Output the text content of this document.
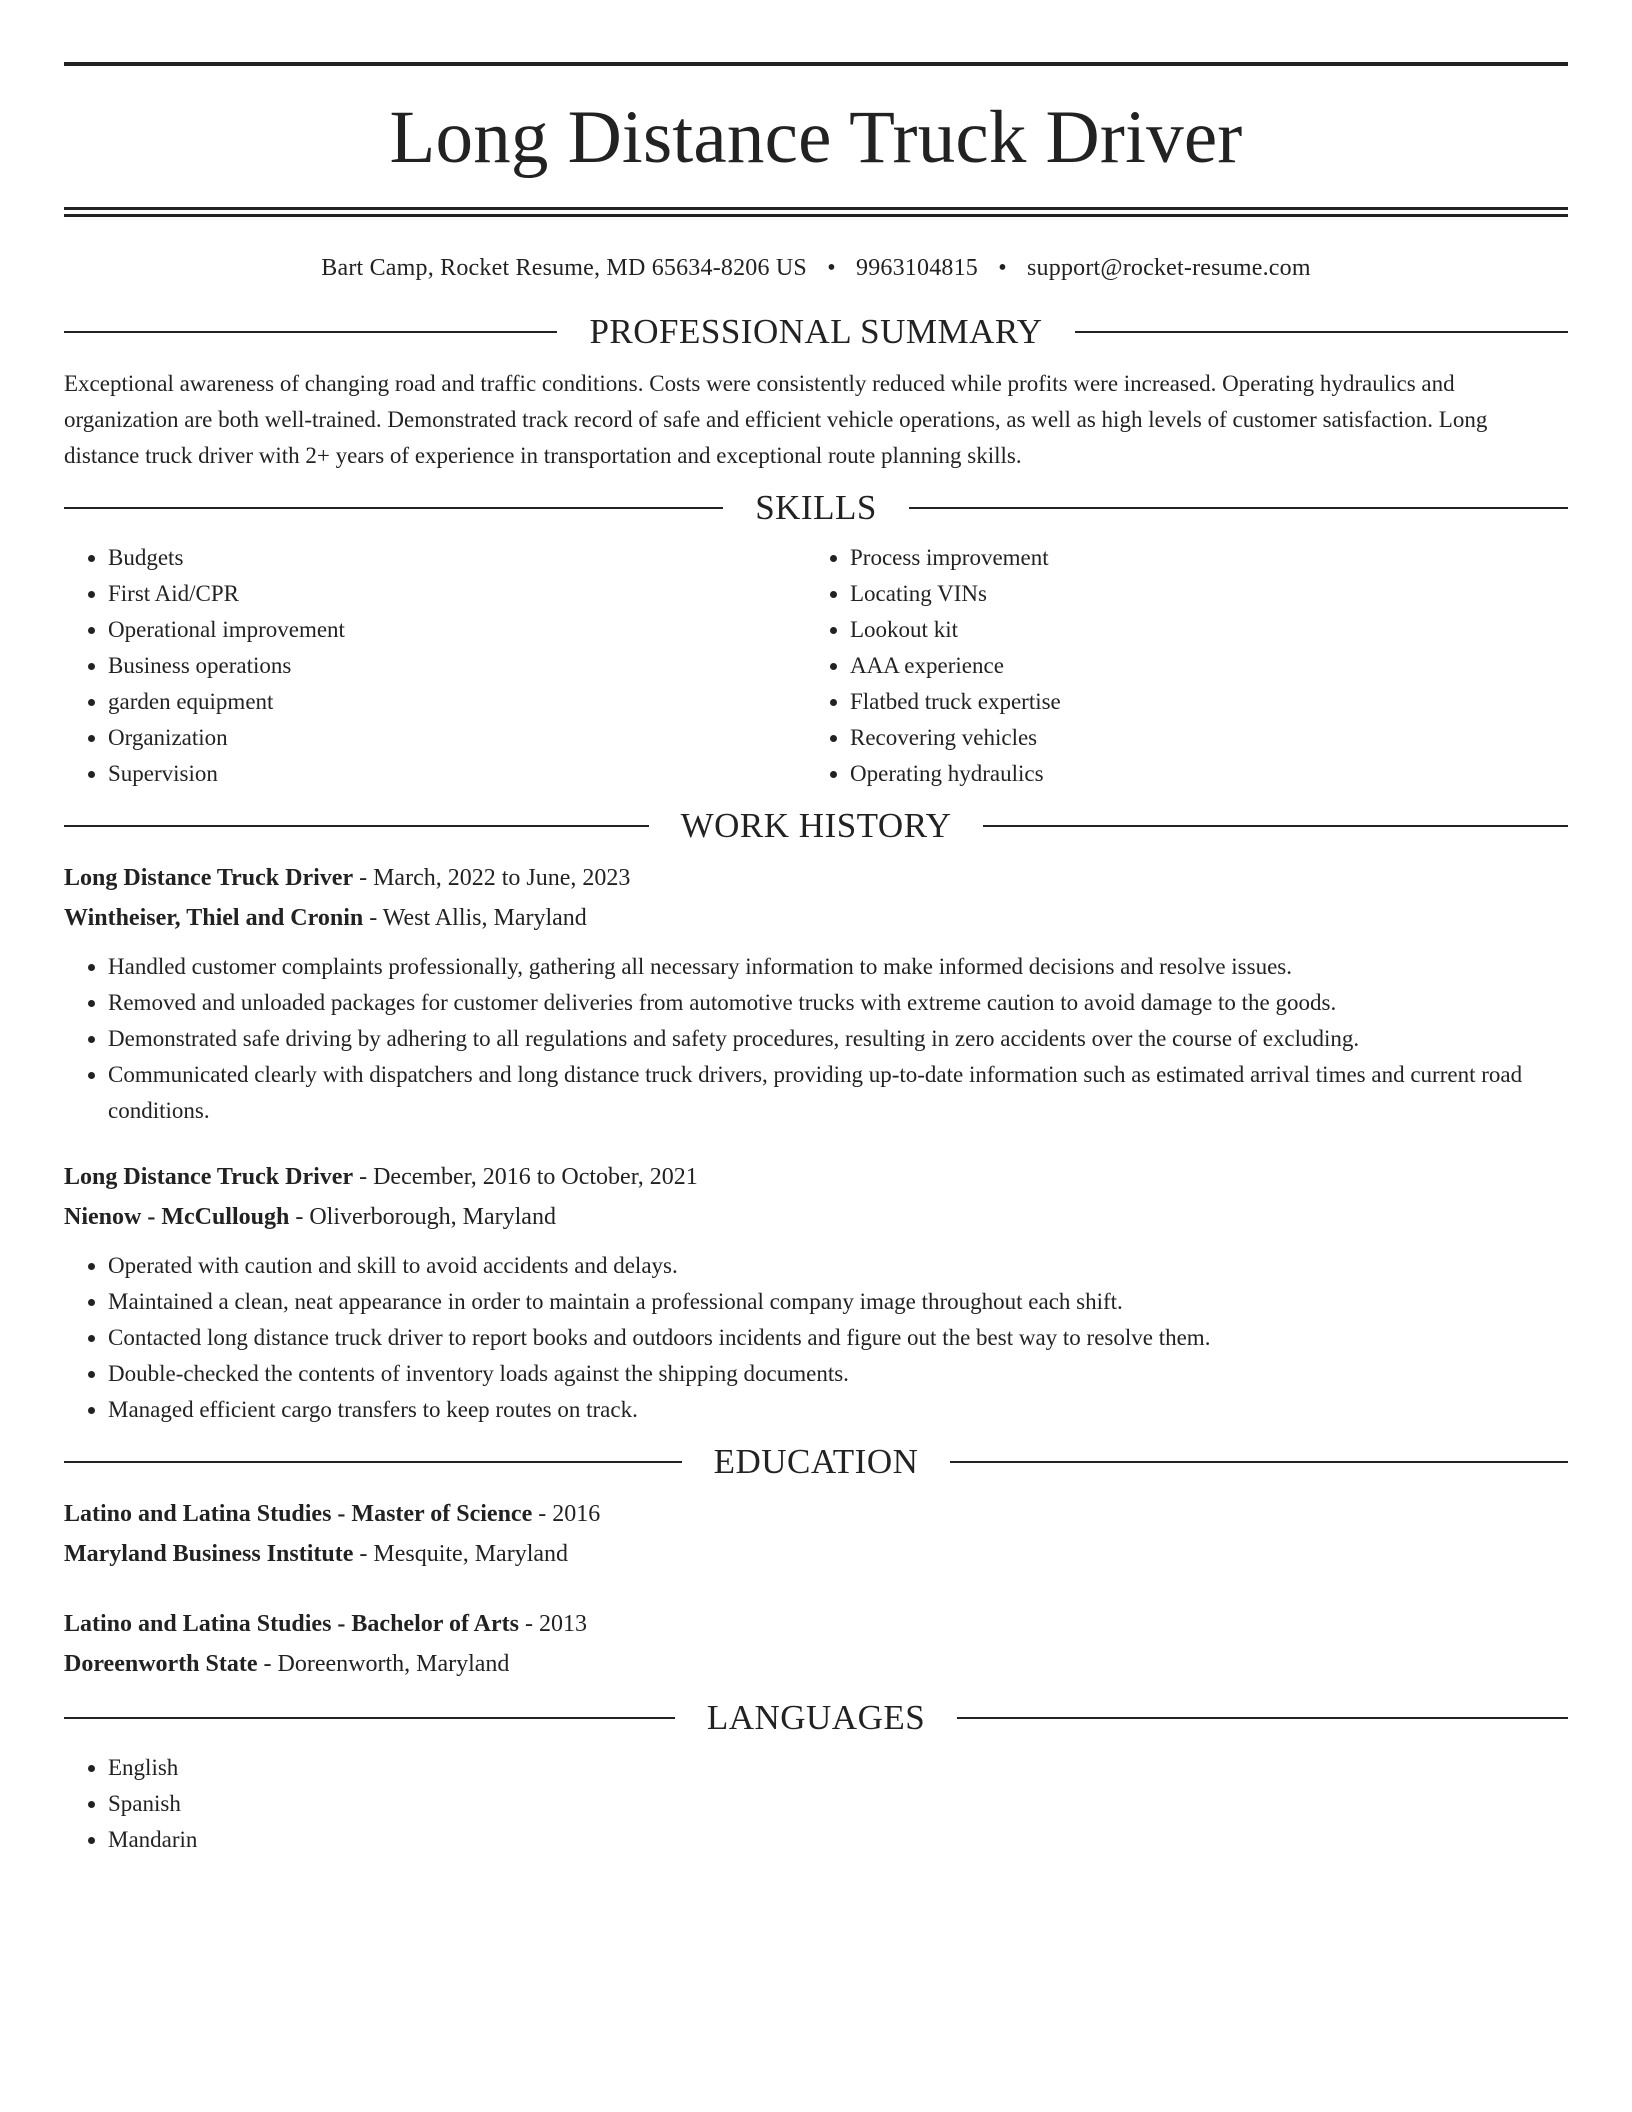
Long Distance Truck Driver
Bart Camp, Rocket Resume, MD 65634-8206 US • 9963104815 • support@rocket-resume.com
PROFESSIONAL SUMMARY

Exceptional awareness of changing road and traffic conditions. Costs were consistently reduced while profits were increased. Operating hydraulics and organization are both well-trained. Demonstrated track record of safe and efficient vehicle operations, as well as high levels of customer satisfaction. Long distance truck driver with 2+ years of experience in transportation and exceptional route planning skills.

SKILLS
• Budgets
• First Aid/CPR
• Operational improvement
• Business operations
• garden equipment
• Organization
• Supervision
• Process improvement
• Locating VINs
• Lookout kit
• AAA experience
• Flatbed truck expertise
• Recovering vehicles
• Operating hydraulics
WORK HISTORY
Long Distance Truck Driver - March, 2022 to June, 2023
Wintheiser, Thiel and Cronin - West Allis, Maryland
• Handled customer complaints professionally, gathering all necessary information to make informed decisions and resolve issues.
• Removed and unloaded packages for customer deliveries from automotive trucks with extreme caution to avoid damage to the goods.
• Demonstrated safe driving by adhering to all regulations and safety procedures, resulting in zero accidents over the course of excluding.
• Communicated clearly with dispatchers and long distance truck drivers, providing up-to-date information such as estimated arrival times and current road conditions.
Long Distance Truck Driver - December, 2016 to October, 2021
Nienow - McCullough - Oliverborough, Maryland
• Operated with caution and skill to avoid accidents and delays.
• Maintained a clean, neat appearance in order to maintain a professional company image throughout each shift.
• Contacted long distance truck driver to report books and outdoors incidents and figure out the best way to resolve them.
• Double-checked the contents of inventory loads against the shipping documents.
• Managed efficient cargo transfers to keep routes on track.
EDUCATION
Latino and Latina Studies - Master of Science - 2016
Maryland Business Institute - Mesquite, Maryland
Latino and Latina Studies - Bachelor of Arts - 2013
Doreenworth State - Doreenworth, Maryland
LANGUAGES
• English
• Spanish
• Mandarin
